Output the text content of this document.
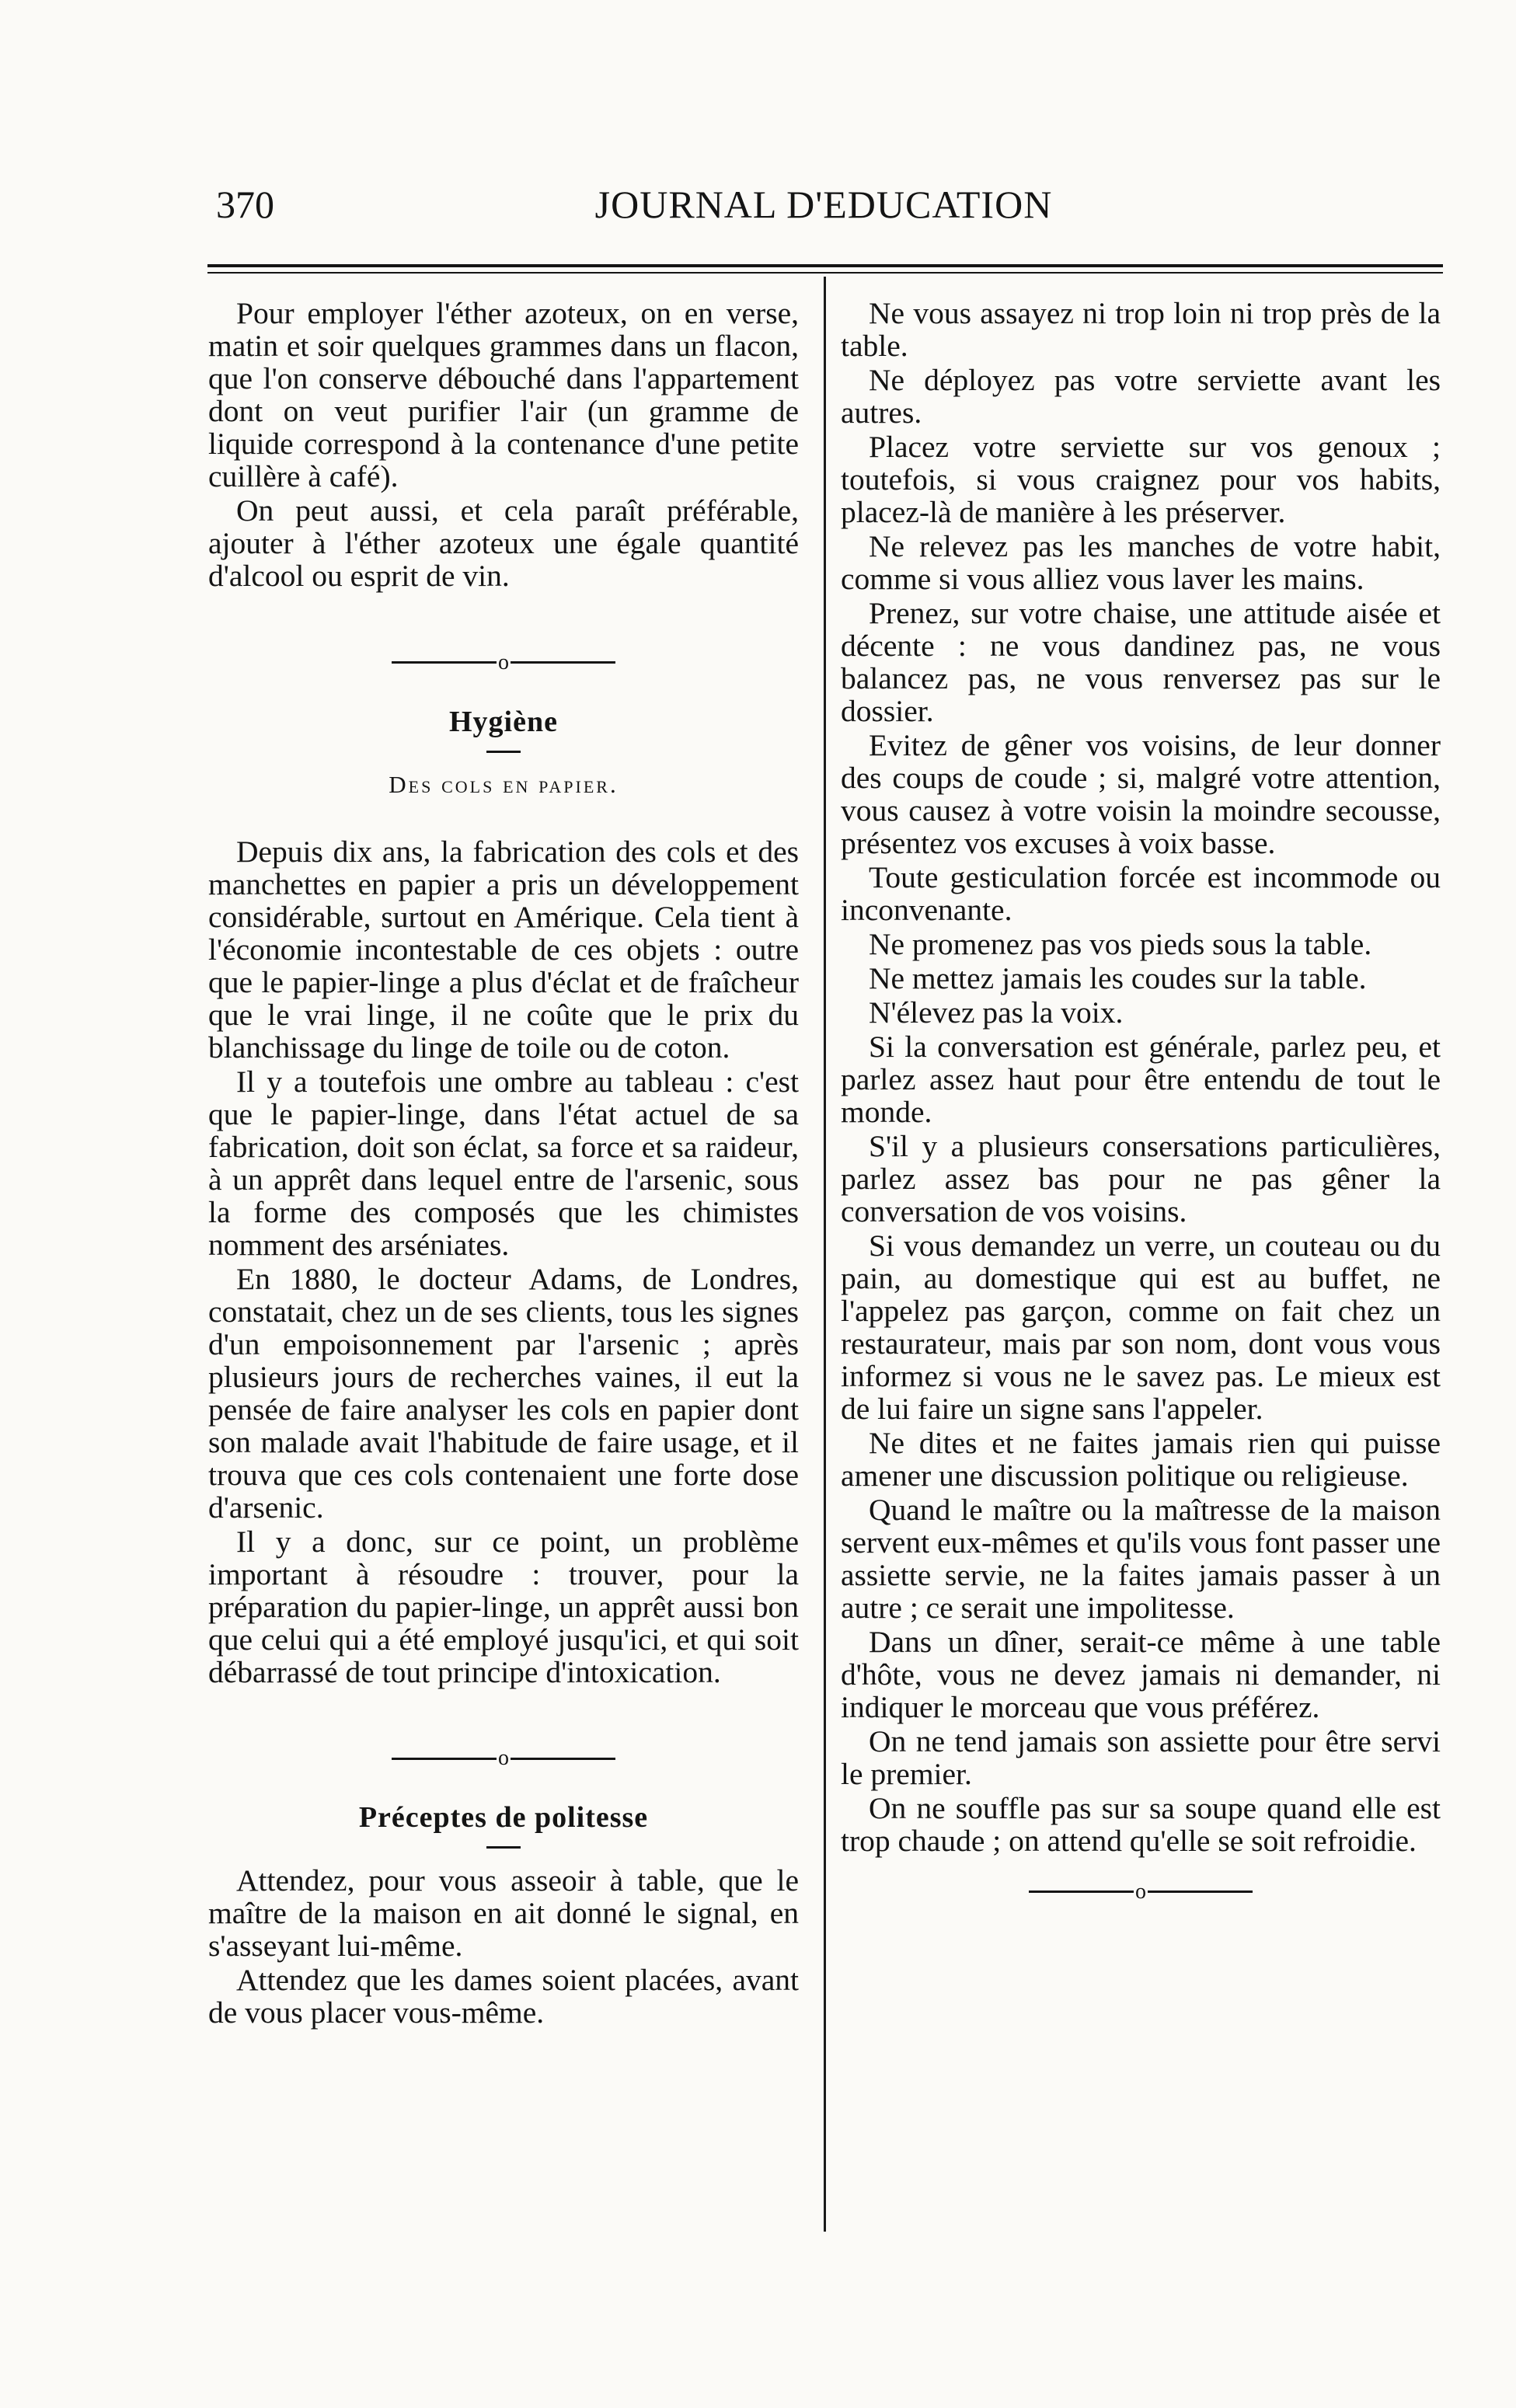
370	JOURNAL D'EDUCATION

Pour employer l'éther azoteux, on en verse, matin et soir quelques grammes dans un flacon, que l'on conserve débouché dans l'appartement dont on veut purifier l'air (un gramme de liquide correspond à la contenance d'une petite cuillère à café).

On peut aussi, et cela paraît préférable, ajouter à l'éther azoteux une égale quantité d'alcool ou esprit de vin.

o
Hygiène
Des cols en papier.

Depuis dix ans, la fabrication des cols et des manchettes en papier a pris un développement considérable, surtout en Amérique. Cela tient à l'économie incontestable de ces objets : outre que le papier-linge a plus d'éclat et de fraîcheur que le vrai linge, il ne coûte que le prix du blanchissage du linge de toile ou de coton.

Il y a toutefois une ombre au tableau : c'est que le papier-linge, dans l'état actuel de sa fabrication, doit son éclat, sa force et sa raideur, à un apprêt dans lequel entre de l'arsenic, sous la forme des composés que les chimistes nomment des arséniates.

En 1880, le docteur Adams, de Londres, constatait, chez un de ses clients, tous les signes d'un empoisonnement par l'arsenic ; après plusieurs jours de recherches vaines, il eut la pensée de faire analyser les cols en papier dont son malade avait l'habitude de faire usage, et il trouva que ces cols contenaient une forte dose d'arsenic.

Il y a donc, sur ce point, un problème important à résoudre : trouver, pour la préparation du papier-linge, un apprêt aussi bon que celui qui a été employé jusqu'ici, et qui soit débarrassé de tout principe d'intoxication.

o
Préceptes de politesse

Attendez, pour vous asseoir à table, que le maître de la maison en ait donné le signal, en s'asseyant lui-même.

Attendez que les dames soient placées, avant de vous placer vous-même.

Ne vous assayez ni trop loin ni trop près de la table.

Ne déployez pas votre serviette avant les autres.

Placez votre serviette sur vos genoux ; toutefois, si vous craignez pour vos habits, placez-là de manière à les préserver.

Ne relevez pas les manches de votre habit, comme si vous alliez vous laver les mains.

Prenez, sur votre chaise, une attitude aisée et décente : ne vous dandinez pas, ne vous balancez pas, ne vous renversez pas sur le dossier.

Evitez de gêner vos voisins, de leur donner des coups de coude ; si, malgré votre attention, vous causez à votre voisin la moindre secousse, présentez vos excuses à voix basse.

Toute gesticulation forcée est incommode ou inconvenante.

Ne promenez pas vos pieds sous la table.

Ne mettez jamais les coudes sur la table.

N'élevez pas la voix.

Si la conversation est générale, parlez peu, et parlez assez haut pour être entendu de tout le monde.

S'il y a plusieurs consersations particulières, parlez assez bas pour ne pas gêner la conversation de vos voisins.

Si vous demandez un verre, un couteau ou du pain, au domestique qui est au buffet, ne l'appelez pas garçon, comme on fait chez un restaurateur, mais par son nom, dont vous vous informez si vous ne le savez pas. Le mieux est de lui faire un signe sans l'appeler.

Ne dites et ne faites jamais rien qui puisse amener une discussion politique ou religieuse.

Quand le maître ou la maîtresse de la maison servent eux-mêmes et qu'ils vous font passer une assiette servie, ne la faites jamais passer à un autre ; ce serait une impolitesse.

Dans un dîner, serait-ce même à une table d'hôte, vous ne devez jamais ni demander, ni indiquer le morceau que vous préférez.

On ne tend jamais son assiette pour être servi le premier.

On ne souffle pas sur sa soupe quand elle est trop chaude ; on attend qu'elle se soit refroidie.

o
